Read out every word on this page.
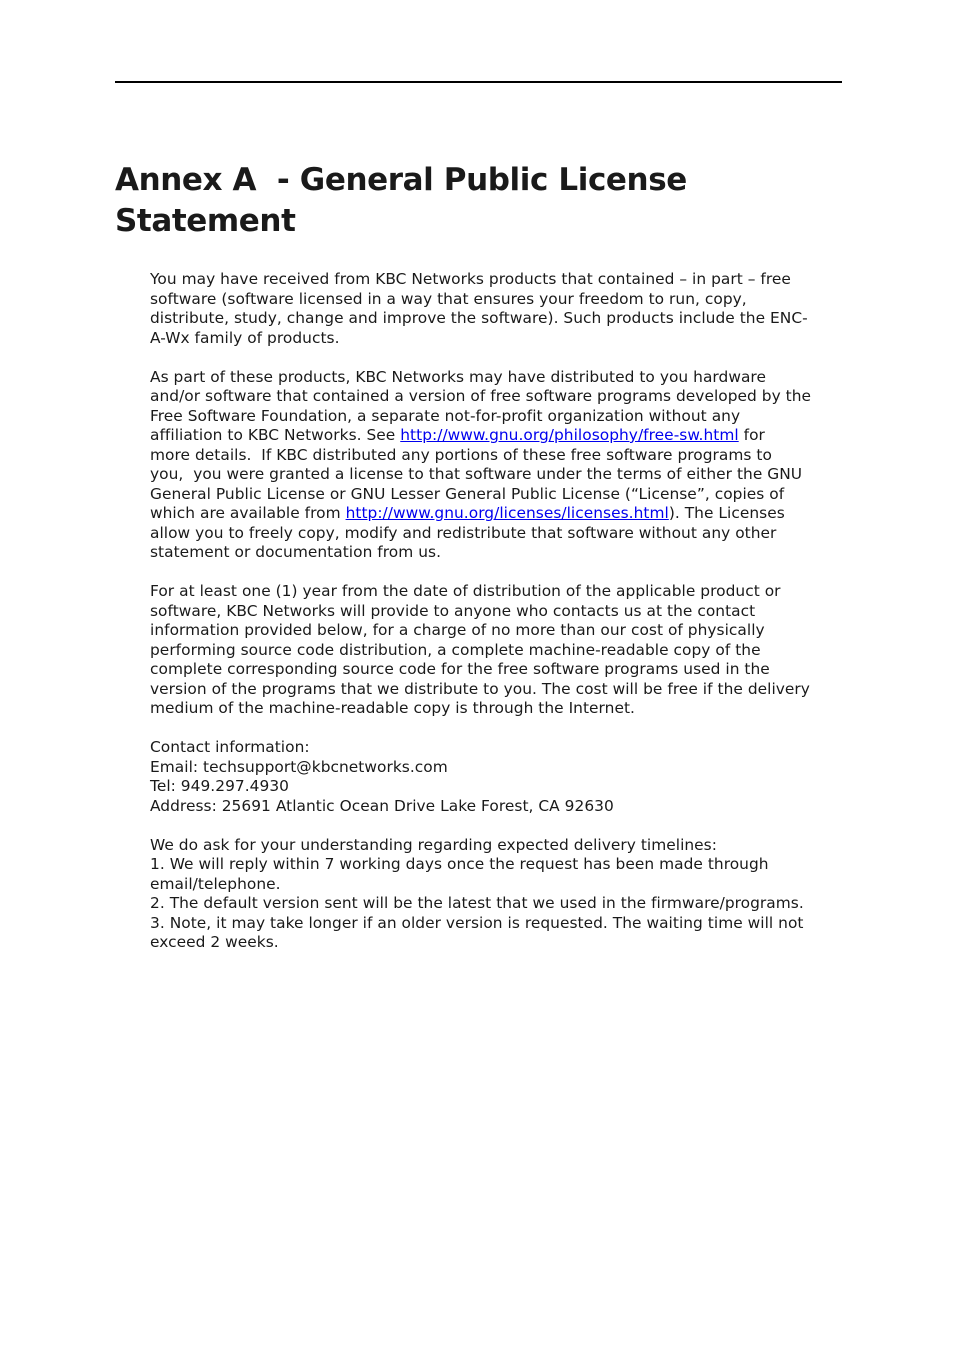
Annex A  - General Public License
Statement
You may have received from KBC Networks products that contained – in part – free
software (software licensed in a way that ensures your freedom to run, copy,
distribute, study, change and improve the software). Such products include the ENC-
A-Wx family of products.
As part of these products, KBC Networks may have distributed to you hardware
and/or software that contained a version of free software programs developed by the
Free Software Foundation, a separate not-for-profit organization without any
affiliation to KBC Networks. See http://www.gnu.org/philosophy/free-sw.html for
more details.  If KBC distributed any portions of these free software programs to
you,  you were granted a license to that software under the terms of either the GNU
General Public License or GNU Lesser General Public License (“License”, copies of
which are available from http://www.gnu.org/licenses/licenses.html). The Licenses
allow you to freely copy, modify and redistribute that software without any other
statement or documentation from us.
For at least one (1) year from the date of distribution of the applicable product or
software, KBC Networks will provide to anyone who contacts us at the contact
information provided below, for a charge of no more than our cost of physically
performing source code distribution, a complete machine-readable copy of the
complete corresponding source code for the free software programs used in the
version of the programs that we distribute to you. The cost will be free if the delivery
medium of the machine-readable copy is through the Internet.
Contact information:
Email: techsupport@kbcnetworks.com
Tel: 949.297.4930
Address: 25691 Atlantic Ocean Drive Lake Forest, CA 92630
We do ask for your understanding regarding expected delivery timelines:
1. We will reply within 7 working days once the request has been made through
email/telephone.
2. The default version sent will be the latest that we used in the firmware/programs.
3. Note, it may take longer if an older version is requested. The waiting time will not
exceed 2 weeks.
